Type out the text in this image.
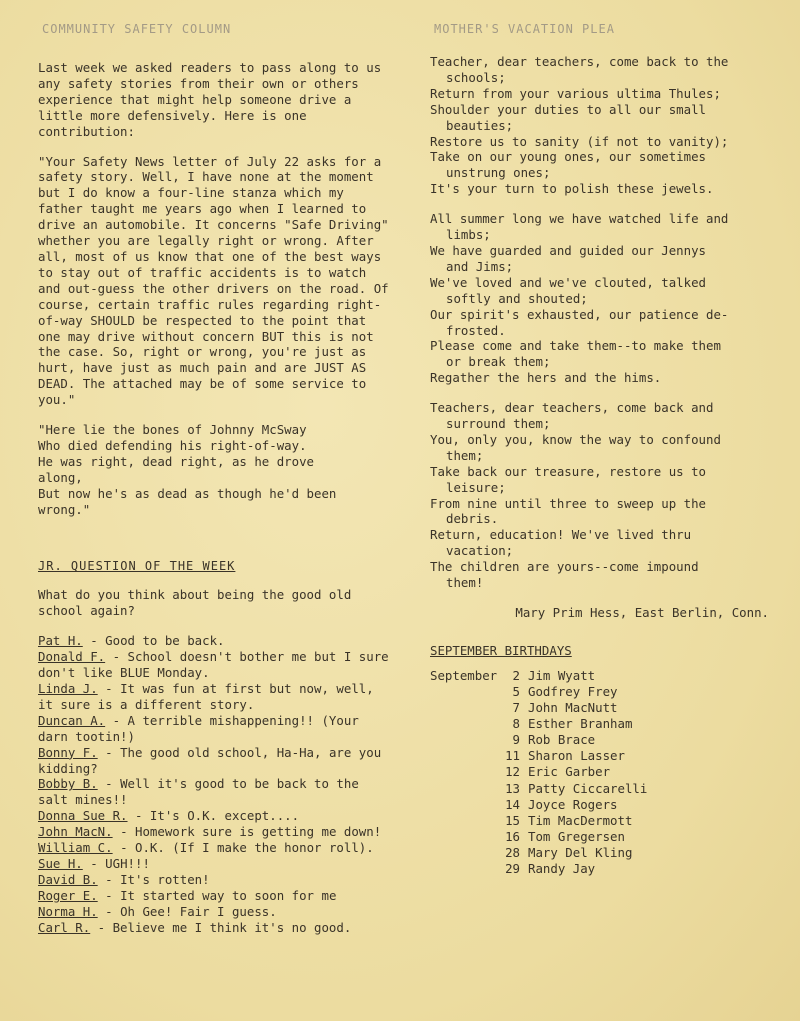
COMMUNITY SAFETY COLUMN

Last week we asked readers to pass along to us any safety stories from their own or others experience that might help someone drive a little more defensively. Here is one contribution:

"Your Safety News letter of July 22 asks for a safety story. Well, I have none at the moment but I do know a four-line stanza which my father taught me years ago when I learned to drive an automobile. It concerns "Safe Driving" whether you are legally right or wrong. After all, most of us know that one of the best ways to stay out of traffic accidents is to watch and out-guess the other drivers on the road. Of course, certain traffic rules regarding right-of-way SHOULD be respected to the point that one may drive without concern BUT this is not the case. So, right or wrong, you're just as hurt, have just as much pain and are JUST AS DEAD. The attached may be of some service to you."

"Here lie the bones of Johnny McSway
Who died defending his right-of-way.
He was right, dead right, as he drove
along,
But now he's as dead as though he'd been
wrong."
JR. QUESTION OF THE WEEK

What do you think about being the good old school again?

Pat H. - Good to be back.
Donald F. - School doesn't bother me but I sure don't like BLUE Monday.
Linda J. - It was fun at first but now, well, it sure is a different story.
Duncan A. - A terrible mishappening!! (Your darn tootin!)
Bonny F. - The good old school, Ha-Ha, are you kidding?
Bobby B. - Well it's good to be back to the salt mines!!
Donna Sue R. - It's O.K. except....
John MacN. - Homework sure is getting me down!
William C. - O.K. (If I make the honor roll).
Sue H. - UGH!!!
David B. - It's rotten!
Roger E. - It started way to soon for me
Norma H. - Oh Gee! Fair I guess.
Carl R. - Believe me I think it's no good.
MOTHER'S VACATION PLEA
Teacher, dear teachers, come back to the
schools;
Return from your various ultima Thules;
Shoulder your duties to all our small
beauties;
Restore us to sanity (if not to vanity);
Take on our young ones, our sometimes
unstrung ones;
It's your turn to polish these jewels.
All summer long we have watched life and
limbs;
We have guarded and guided our Jennys
and Jims;
We've loved and we've clouted, talked
softly and shouted;
Our spirit's exhausted, our patience de-
frosted.
Please come and take them--to make them
or break them;
Regather the hers and the hims.
Teachers, dear teachers, come back and
surround them;
You, only you, know the way to confound
them;
Take back our treasure, restore us to
leisure;
From nine until three to sweep up the
debris.
Return, education! We've lived thru
vacation;
The children are yours--come impound
them!
Mary Prim Hess, East Berlin, Conn.
SEPTEMBER BIRTHDAYS
September	2 Jim Wyatt
5 Godfrey Frey
7 John MacNutt
8 Esther Branham
9 Rob Brace
11 Sharon Lasser
12 Eric Garber
13 Patty Ciccarelli
14 Joyce Rogers
15 Tim MacDermott
16 Tom Gregersen
28 Mary Del Kling
29 Randy Jay
